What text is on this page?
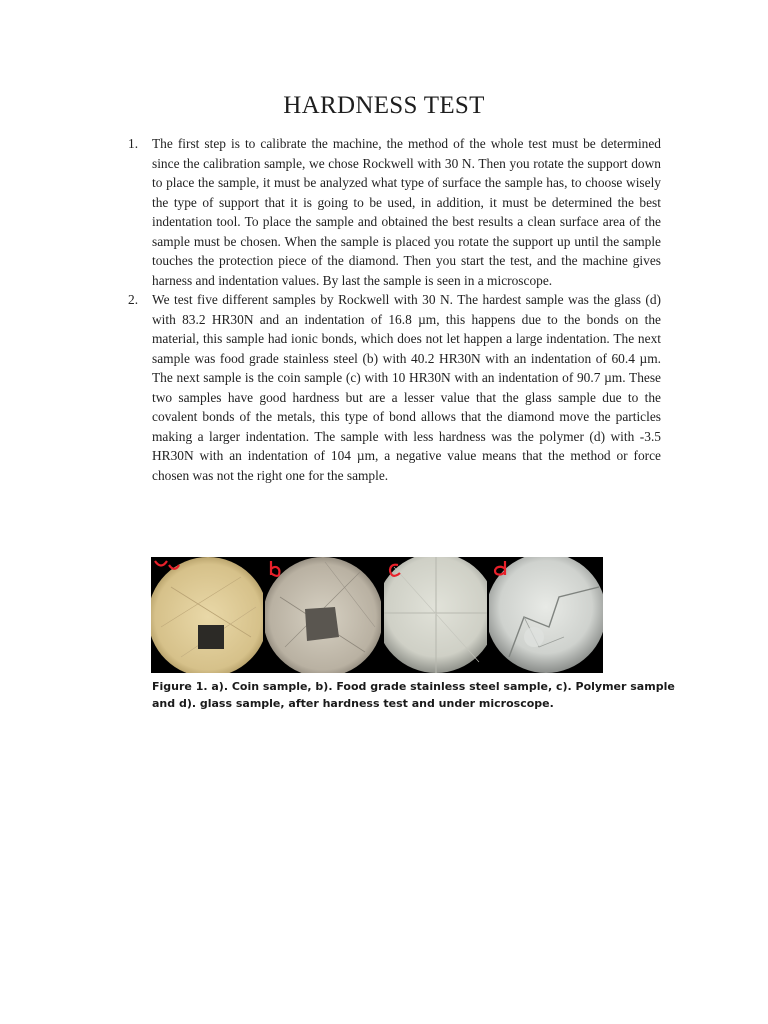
HARDNESS TEST
1. The first step is to calibrate the machine, the method of the whole test must be determined since the calibration sample, we chose Rockwell with 30 N. Then you rotate the support down to place the sample, it must be analyzed what type of surface the sample has, to choose wisely the type of support that it is going to be used, in addition, it must be determined the best indentation tool. To place the sample and obtained the best results a clean surface area of the sample must be chosen. When the sample is placed you rotate the support up until the sample touches the protection piece of the diamond. Then you start the test, and the machine gives harness and indentation values. By last the sample is seen in a microscope.

2. We test five different samples by Rockwell with 30 N. The hardest sample was the glass (d) with 83.2 HR30N and an indentation of 16.8 µm, this happens due to the bonds on the material, this sample had ionic bonds, which does not let happen a large indentation. The next sample was food grade stainless steel (b) with 40.2 HR30N with an indentation of 60.4 µm. The next sample is the coin sample (c) with 10 HR30N with an indentation of 90.7 µm. These two samples have good hardness but are a lesser value that the glass sample due to the covalent bonds of the metals, this type of bond allows that the diamond move the particles making a larger indentation. The sample with less hardness was the polymer (d) with -3.5 HR30N with an indentation of 104 µm, a negative value means that the method or force chosen was not the right one for the sample.

Figure 1. a). Coin sample, b). Food grade stainless steel sample, c). Polymer sample and d). glass sample, after hardness test and under microscope.
